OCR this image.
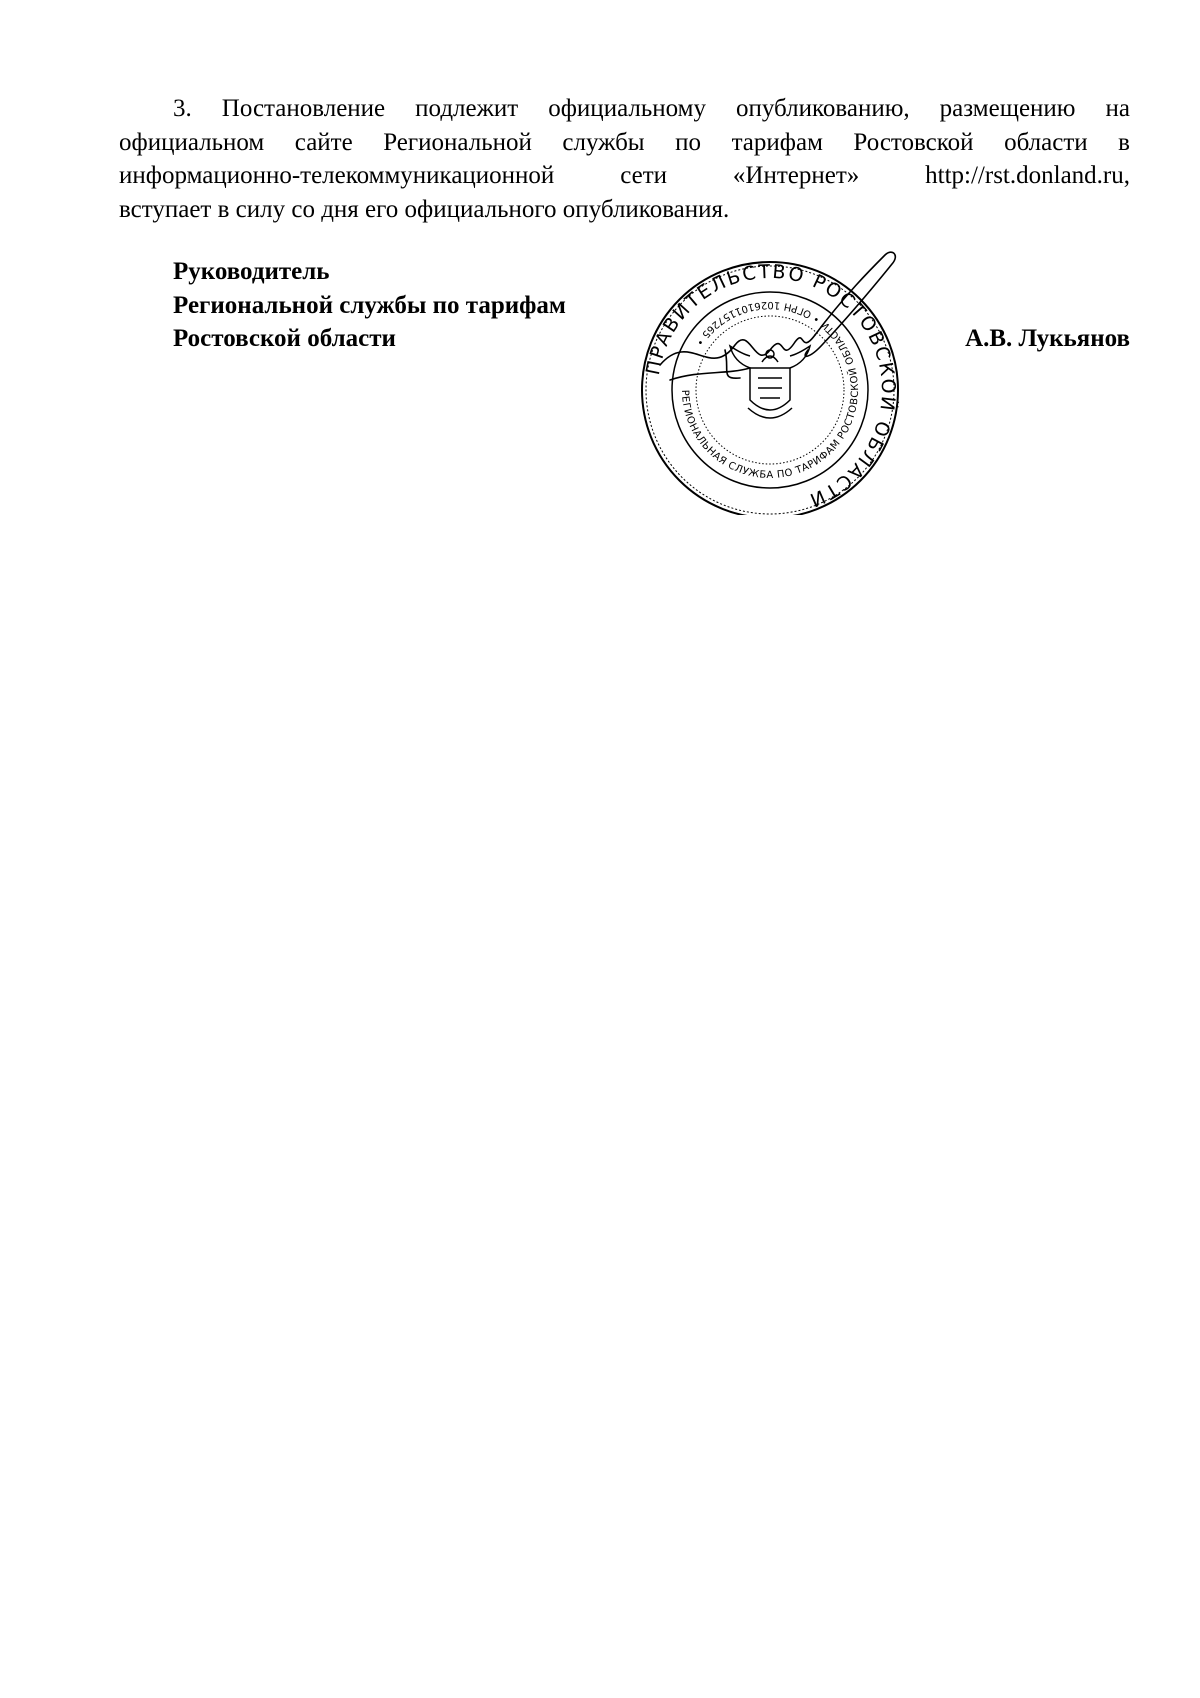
3. Постановление подлежит официальному опубликованию, размещению на
официальном сайте Региональной службы по тарифам Ростовской области в
информационно-телекоммуникационной сети «Интернет» http://rst.donland.ru,
вступает в силу со дня его официального опубликования.

Руководитель
Региональной службы по тарифам
Ростовской области	А.В. Лукьянов
ПРАВИТЕЛЬСТВО РОСТОВСКОЙ ОБЛАСТИ
РЕГИОНАЛЬНАЯ СЛУЖБА ПО ТАРИФАМ РОСТОВСКОЙ ОБЛАСТИ • ОГРН 1026101157265 •
